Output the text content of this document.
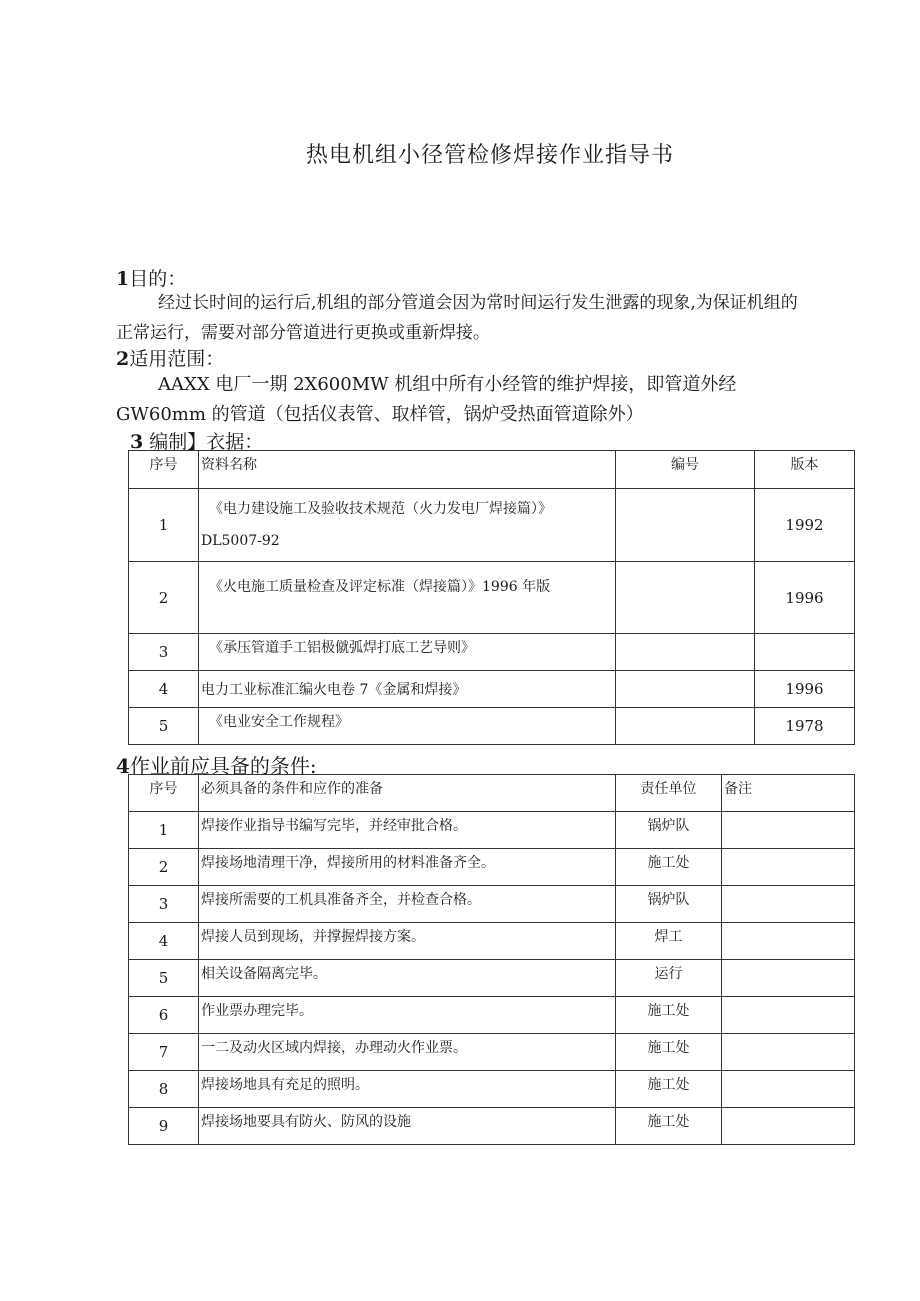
热电机组小径管检修焊接作业指导书
1目的：
经过长时间的运行后,机组的部分管道会因为常时间运行发生泄露的现象,为保证机组的
正常运行，需要对部分管道进行更换或重新焊接。
2适用范围：
AAXX 电厂一期 2X600MW 机组中所有小经管的维护焊接，即管道外经
GW60mm 的管道（包括仪表管、取样管，锅炉受热面管道除外）
3 编制】衣据：
序号	资料名称	编号	版本
1	《电力建设施工及验收技术规范（火力发电厂焊接篇）》
DL5007-92		1992
2	《火电施工质量检查及评定标准（焊接篇）》1996 年版		1996
3	《承压管道手工铝极僦弧焊打底工艺导则》		
4	电力工业标准汇编火电卷 7《金属和焊接》		1996
5	《电业安全工作规程》		1978
4作业前应具备的条件:
序号	必须具备的条件和应作的准备	责任单位	备注
1	焊接作业指导书编写完毕，并经审批合格。	锅炉队	
2	焊接场地清理干净，焊接所用的材料准备齐全。	施工处	
3	焊接所需要的工机具准备齐全，并检查合格。	锅炉队	
4	焊接人员到现场，并撑握焊接方案。	焊工	
5	相关设备隔离完毕。	运行	
6	作业票办理完毕。	施工处	
7	一二及动火区域内焊接，办理动火作业票。	施工处	
8	焊接场地具有充足的照明。	施工处	
9	焊接场地要具有防火、防风的设施	施工处	
